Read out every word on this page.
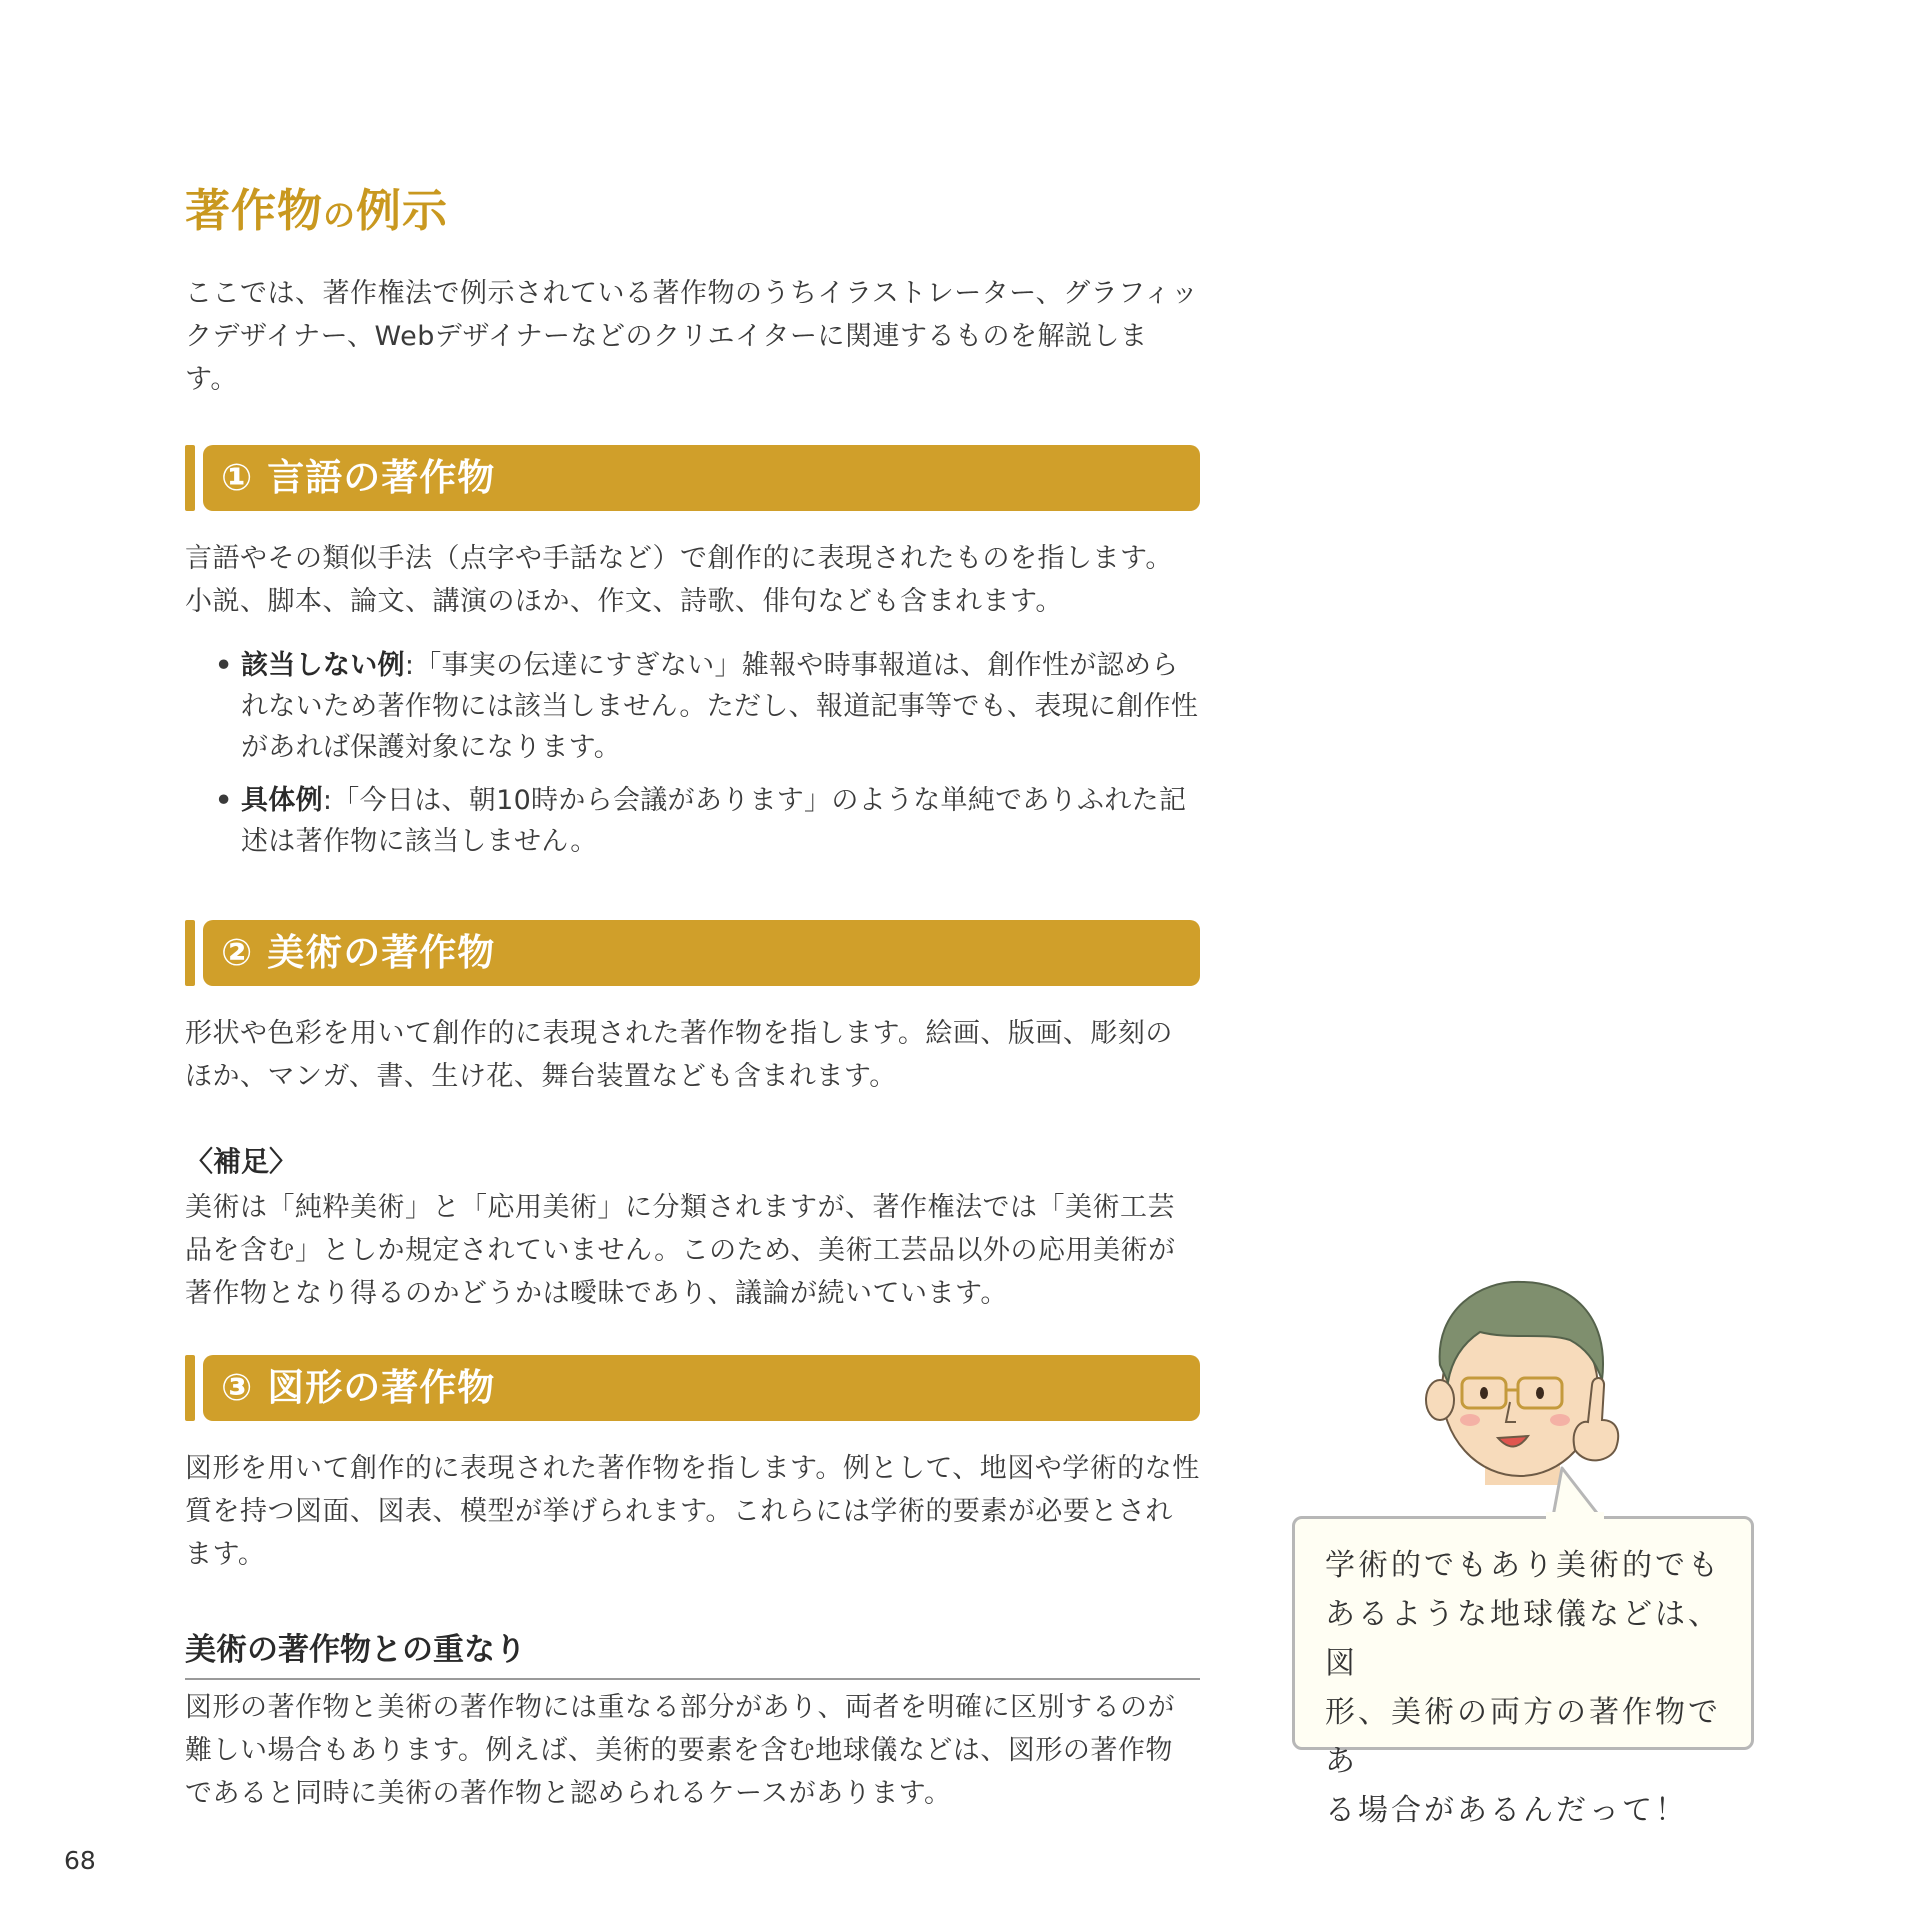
著作物の例示

ここでは、著作権法で例示されている著作物のうちイラストレーター、グラフィックデザイナー、Webデザイナーなどのクリエイターに関連するものを解説します。

① 言語の著作物

言語やその類似手法（点字や手話など）で創作的に表現されたものを指します。小説、脚本、論文、講演のほか、作文、詩歌、俳句なども含まれます。

• 該当しない例:「事実の伝達にすぎない」雑報や時事報道は、創作性が認められないため著作物には該当しません。ただし、報道記事等でも、表現に創作性があれば保護対象になります。
• 具体例:「今日は、朝10時から会議があります」のような単純でありふれた記述は著作物に該当しません。
② 美術の著作物

形状や色彩を用いて創作的に表現された著作物を指します。絵画、版画、彫刻のほか、マンガ、書、生け花、舞台装置なども含まれます。

〈補足〉

美術は「純粋美術」と「応用美術」に分類されますが、著作権法では「美術工芸品を含む」としか規定されていません。このため、美術工芸品以外の応用美術が著作物となり得るのかどうかは曖昧であり、議論が続いています。

③ 図形の著作物

図形を用いて創作的に表現された著作物を指します。例として、地図や学術的な性質を持つ図面、図表、模型が挙げられます。これらには学術的要素が必要とされます。

美術の著作物との重なり

図形の著作物と美術の著作物には重なる部分があり、両者を明確に区別するのが難しい場合もあります。例えば、美術的要素を含む地球儀などは、図形の著作物であると同時に美術の著作物と認められるケースがあります。

学術的でもあり美術的でも
あるような地球儀などは、図
形、美術の両方の著作物であ
る場合があるんだって！
68
